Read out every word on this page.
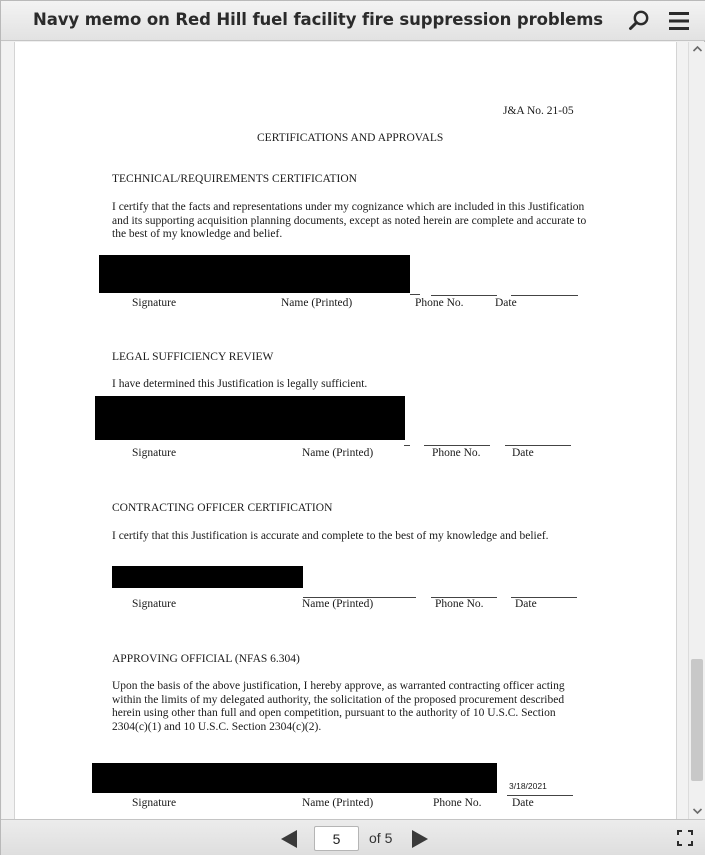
Navy memo on Red Hill fuel facility fire suppression problems
J&A No. 21-05
CERTIFICATIONS AND APPROVALS
TECHNICAL/REQUIREMENTS CERTIFICATION
I certify that the facts and representations under my cognizance which are included in this Justification and its supporting acquisition planning documents, except as noted herein are complete and accurate to the best of my knowledge and belief.
Signature	Name (Printed)	Phone No.	Date
LEGAL SUFFICIENCY REVIEW
I have determined this Justification is legally sufficient.
Signature	Name (Printed)	Phone No.	Date
CONTRACTING OFFICER CERTIFICATION
I certify that this Justification is accurate and complete to the best of my knowledge and belief.
Signature	Name (Printed)	Phone No.	Date
APPROVING OFFICIAL (NFAS 6.304)
Upon the basis of the above justification, I hereby approve, as warranted contracting officer acting within the limits of my delegated authority, the solicitation of the proposed procurement described herein using other than full and open competition, pursuant to the authority of 10 U.S.C. Section 2304(c)(1) and 10 U.S.C. Section 2304(c)(2).
3/18/2021
Signature	Name (Printed)	Phone No.	Date
5
of 5
